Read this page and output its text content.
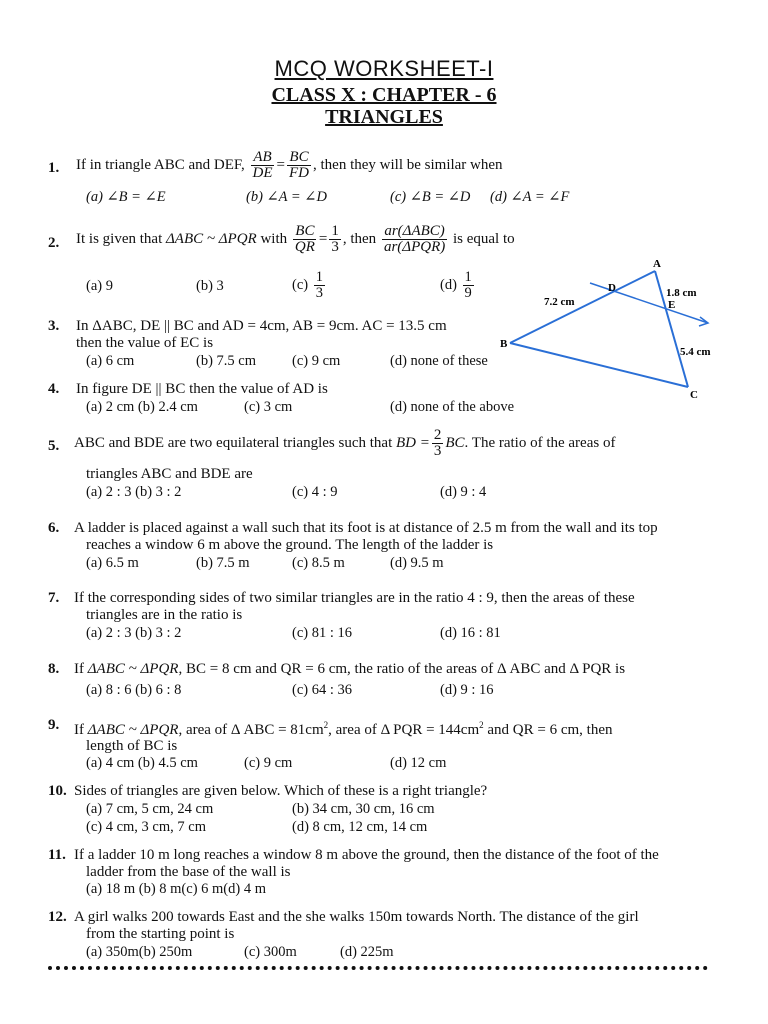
MCQ WORKSHEET-I
CLASS X : CHAPTER - 6
TRIANGLES
1. If in triangle ABC and DEF, $\frac{AB}{DE} = \frac{BC}{FD}$ , then they will be similar when
(a) ∠B = ∠E	(b) ∠A = ∠D	(c) ∠B = ∠D (d) ∠A = ∠F
2. It is given that ΔABC ~ ΔPQR with $\frac{BC}{QR} = \frac{1}{3}$ , then $\frac{\text{ar(ΔABC)}}{\text{ar(ΔPQR)}}$ is equal to
(a) 9	(b) 3	$(c) \frac{1}{3}$	$(d) \frac{1}{9}$
A
B
C
D
E
7.2 cm
1.8 cm
5.4 cm
3. In ΔABC, DE || BC and AD = 4cm, AB = 9cm. AC = 13.5 cm
then the value of EC is
(a) 6 cm	(b) 7.5 cm (c) 9 cm	(d) none of these
4. In figure DE || BC then the value of AD is
(a) 2 cm (b) 2.4 cm	(c) 3 cm	(d) none of the above
5. ABC and BDE are two equilateral triangles such that BD = $\frac{2}{3}$ BC. The ratio of the areas of
triangles ABC and BDE are
(a) 2 : 3 (b) 3 : 2	(c) 4 : 9	(d) 9 : 4
6. A ladder is placed against a wall such that its foot is at distance of 2.5 m from the wall and its top
reaches a window 6 m above the ground. The length of the ladder is
(a) 6.5 m	(b) 7.5 m	(c) 8.5 m	(d) 9.5 m
7. If the corresponding sides of two similar triangles are in the ratio 4 : 9, then the areas of these
triangles are in the ratio is
(a) 2 : 3 (b) 3 : 2	(c) 81 : 16	(d) 16 : 81
8. If ΔABC ~ ΔPQR, BC = 8 cm and QR = 6 cm, the ratio of the areas of Δ ABC and Δ PQR is
(a) 8 : 6 (b) 6 : 8	(c) 64 : 36	(d) 9 : 16
9. If ΔABC ~ ΔPQR, area of Δ ABC = $81cm^2$, area of Δ PQR = $144cm^2$ and QR = 6 cm, then
length of BC is
(a) 4 cm (b) 4.5 cm	(c) 9 cm	(d) 12 cm
10. Sides of triangles are given below. Which of these is a right triangle?
(a) 7 cm, 5 cm, 24 cm	(b) 34 cm, 30 cm, 16 cm
(c) 4 cm, 3 cm, 7 cm	(d) 8 cm, 12 cm, 14 cm
11. If a ladder 10 m long reaches a window 8 m above the ground, then the distance of the foot of the
ladder from the base of the wall is
(a) 18 m (b) 8 m(c) 6 m(d) 4 m
12. A girl walks 200 towards East and the she walks 150m towards North. The distance of the girl
from the starting point is
(a) 350m(b) 250m	(c) 300m	(d) 225m
